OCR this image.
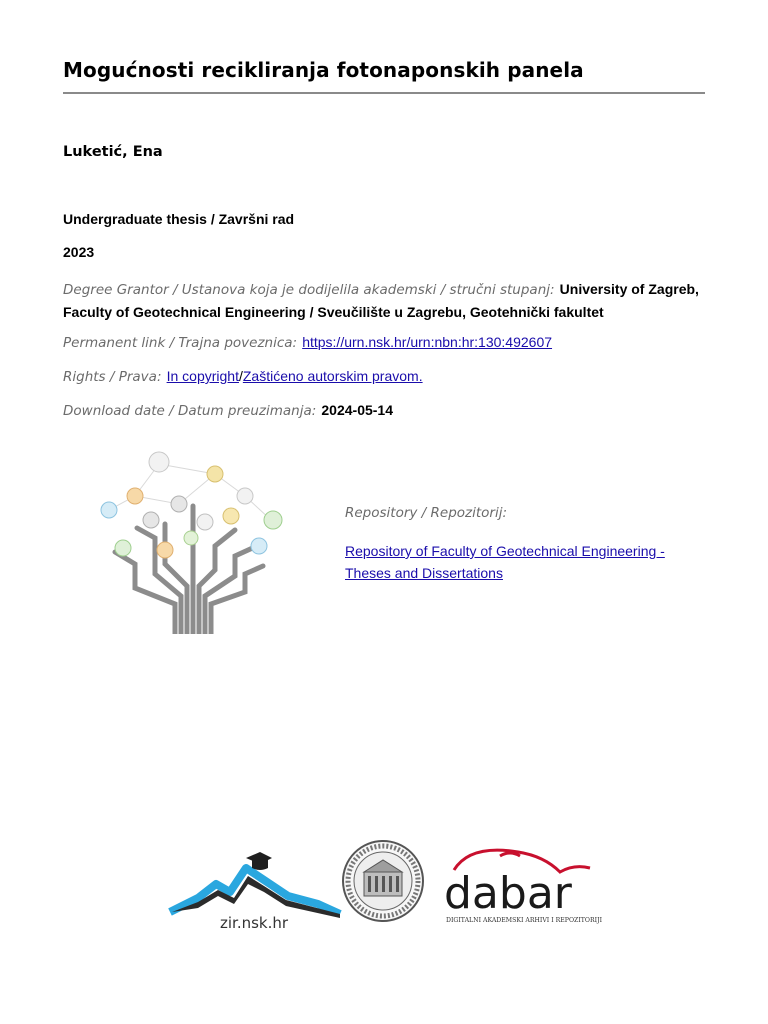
Mogućnosti recikliranja fotonaponskih panela
Luketić, Ena
Undergraduate thesis / Završni rad
2023
Degree Grantor / Ustanova koja je dodijelila akademski / stručni stupanj: University of Zagreb, Faculty of Geotechnical Engineering / Sveučilište u Zagrebu, Geotehnički fakultet
Permanent link / Trajna poveznica: https://urn.nsk.hr/urn:nbn:hr:130:492607
Rights / Prava: In copyright/Zaštićeno autorskim pravom.
Download date / Datum preuzimanja: 2024-05-14
Repository / Repozitorij:
Repository of Faculty of Geotechnical Engineering - Theses and Dissertations
zir.nsk.hr
dabar
DIGITALNI AKADEMSKI ARHIVI I REPOZITORIJI
